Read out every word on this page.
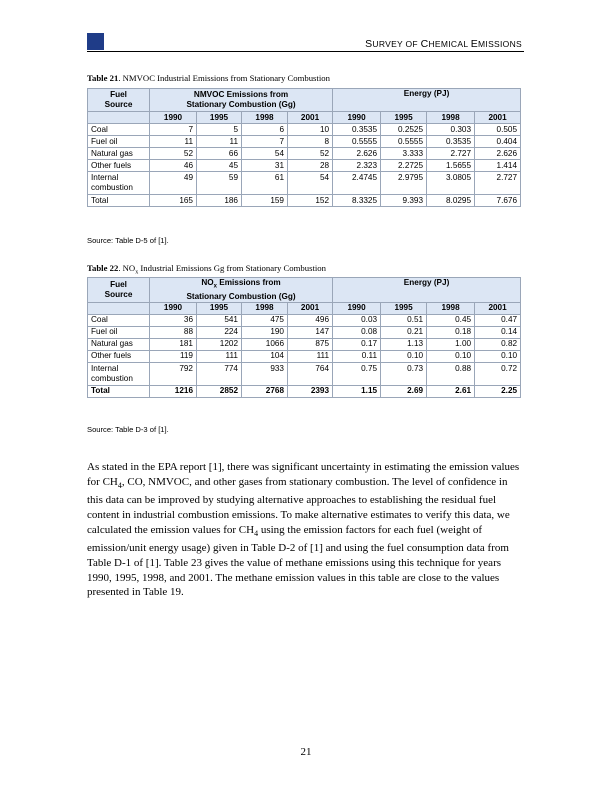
SURVEY OF CHEMICAL EMISSIONS
Table 21. NMVOC Industrial Emissions from Stationary Combustion
Fuel
Source	NMVOC Emissions from
Stationary Combustion (Gg)				Energy (PJ)			
	1990	1995	1998	2001	1990	1995	1998	2001
Coal	7	5	6	10	0.3535	0.2525	0.303	0.505
Fuel oil	11	11	7	8	0.5555	0.5555	0.3535	0.404
Natural gas	52	66	54	52	2.626	3.333	2.727	2.626
Other fuels	46	45	31	28	2.323	2.2725	1.5655	1.414
Internal combustion	49	59	61	54	2.4745	2.9795	3.0805	2.727
Total	165	186	159	152	8.3325	9.393	8.0295	7.676
Source: Table D-5 of [1].
Table 22. $NO_x$ Industrial Emissions Gg from Stationary Combustion
Fuel
Source	$NO_x$ Emissions from
Stationary Combustion (Gg)				Energy (PJ)			
	1990	1995	1998	2001	1990	1995	1998	2001
Coal	36	541	475	496	0.03	0.51	0.45	0.47
Fuel oil	88	224	190	147	0.08	0.21	0.18	0.14
Natural gas	181	1202	1066	875	0.17	1.13	1.00	0.82
Other fuels	119	111	104	111	0.11	0.10	0.10	0.10
Internal combustion	792	774	933	764	0.75	0.73	0.88	0.72
Total	1216	2852	2768	2393	1.15	2.69	2.61	2.25
Source: Table D-3 of [1].
As stated in the EPA report [1], there was significant uncertainty in estimating the emission values for $CH_4$, CO, NMVOC, and other gases from stationary combustion. The level of confidence in this data can be improved by studying alternative approaches to establishing the residual fuel content in industrial combustion emissions. To make alternative estimates to verify this data, we calculated the emission values for $CH_4$ using the emission factors for each fuel (weight of emission/unit energy usage) given in Table D-2 of [1] and using the fuel consumption data from Table D-1 of [1]. Table 23 gives the value of methane emissions using this technique for years 1990, 1995, 1998, and 2001. The methane emission values in this table are close to the values presented in Table 19.
21
